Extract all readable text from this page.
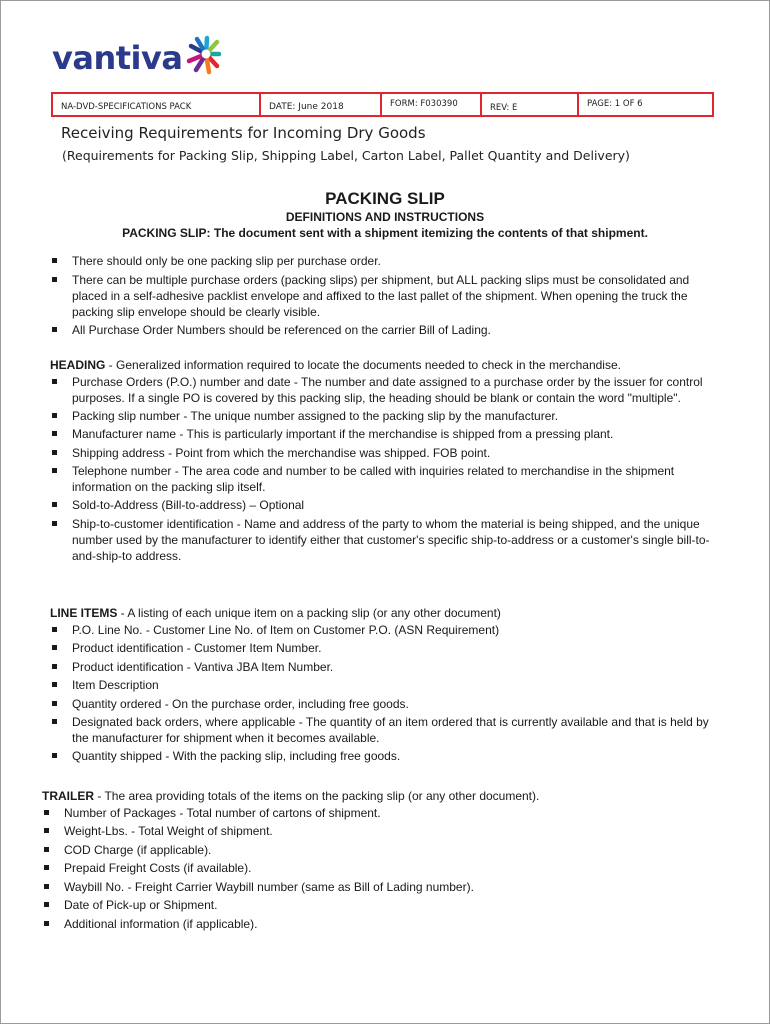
vantiva
NA-DVD-SPECIFICATIONS PACK	DATE: June 2018	FORM: F030390	REV: E	PAGE: 1 OF 6
Receiving Requirements for Incoming Dry Goods

(Requirements for Packing Slip, Shipping Label, Carton Label, Pallet Quantity and Delivery)

PACKING SLIP
DEFINITIONS AND INSTRUCTIONS

PACKING SLIP: The document sent with a shipment itemizing the contents of that shipment.

There should only be one packing slip per purchase order.
There can be multiple purchase orders (packing slips) per shipment, but ALL packing slips must be consolidated and placed in a self-adhesive packlist envelope and affixed to the last pallet of the shipment. When opening the truck the packing slip envelope should be clearly visible.
All Purchase Order Numbers should be referenced on the carrier Bill of Lading.

HEADING - Generalized information required to locate the documents needed to check in the merchandise.

Purchase Orders (P.O.) number and date - The number and date assigned to a purchase order by the issuer for control purposes. If a single PO is covered by this packing slip, the heading should be blank or contain the word "multiple".
Packing slip number - The unique number assigned to the packing slip by the manufacturer.
Manufacturer name - This is particularly important if the merchandise is shipped from a pressing plant.
Shipping address - Point from which the merchandise was shipped. FOB point.
Telephone number - The area code and number to be called with inquiries related to merchandise in the shipment information on the packing slip itself.
Sold-to-Address (Bill-to-address) – Optional
Ship-to-customer identification - Name and address of the party to whom the material is being shipped, and the unique number used by the manufacturer to identify either that customer's specific ship-to-address or a customer's single bill-to-and-ship-to address.

LINE ITEMS - A listing of each unique item on a packing slip (or any other document)

P.O. Line No. - Customer Line No. of Item on Customer P.O. (ASN Requirement)
Product identification - Customer Item Number.
Product identification - Vantiva JBA Item Number.
Item Description
Quantity ordered - On the purchase order, including free goods.
Designated back orders, where applicable - The quantity of an item ordered that is currently available and that is held by the manufacturer for shipment when it becomes available.
Quantity shipped - With the packing slip, including free goods.

TRAILER - The area providing totals of the items on the packing slip (or any other document).

Number of Packages - Total number of cartons of shipment.
Weight-Lbs. - Total Weight of shipment.
COD Charge (if applicable).
Prepaid Freight Costs (if available).
Waybill No. - Freight Carrier Waybill number (same as Bill of Lading number).
Date of Pick-up or Shipment.
Additional information (if applicable).
